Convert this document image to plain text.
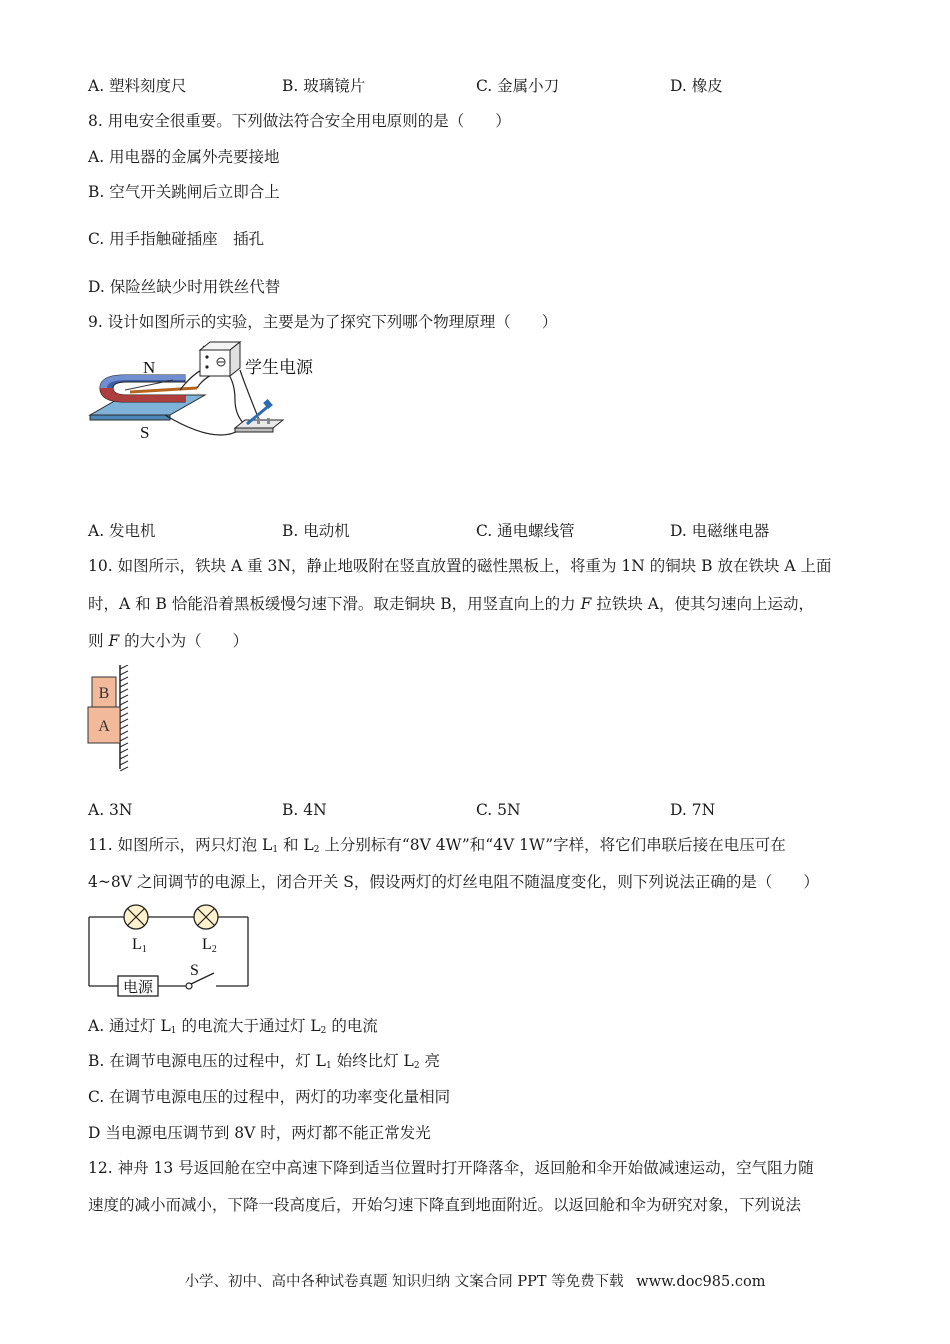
A. 塑料刻度尺	B. 玻璃镜片	C. 金属小刀	D. 橡皮
8. 用电安全很重要。下列做法符合安全用电原则的是（　　）
A. 用电器的金属外壳要接地
B. 空气开关跳闸后立即合上
C. 用手指触碰插座　插孔
D. 保险丝缺少时用铁丝代替
9. 设计如图所示的实验，主要是为了探究下列哪个物理原理（　　）
N
S
学生电源
A. 发电机	B. 电动机	C. 通电螺线管	D. 电磁继电器
10. 如图所示，铁块 A 重 3N，静止地吸附在竖直放置的磁性黑板上，将重为 1N 的铜块 B 放在铁块 A 上面
时，A 和 B 恰能沿着黑板缓慢匀速下滑。取走铜块 B，用竖直向上的力 F 拉铁块 A，使其匀速向上运动，
则 F 的大小为（　　）
B
A
A. 3N	B. 4N	C. 5N	D. 7N
11. 如图所示，两只灯泡 $L_1$ 和 $L_2$ 上分别标有“8V 4W”和“4V 1W”字样，将它们串联后接在电压可在
4~8V 之间调节的电源上，闭合开关 S，假设两灯的灯丝电阻不随温度变化，则下列说法正确的是（　　）
L1	L2
电源
S
A. 通过灯 $L_1$ 的电流大于通过灯 $L_2$ 的电流
B. 在调节电源电压的过程中，灯 $L_1$ 始终比灯 $L_2$ 亮
C. 在调节电源电压的过程中，两灯的功率变化量相同
D 当电源电压调节到 8V 时，两灯都不能正常发光
12. 神舟 13 号返回舱在空中高速下降到适当位置时打开降落伞，返回舱和伞开始做减速运动，空气阻力随
速度的减小而减小，下降一段高度后，开始匀速下降直到地面附近。以返回舱和伞为研究对象，下列说法
小学、初中、高中各种试卷真题 知识归纳 文案合同 PPT 等免费下载 www.doc985.com
